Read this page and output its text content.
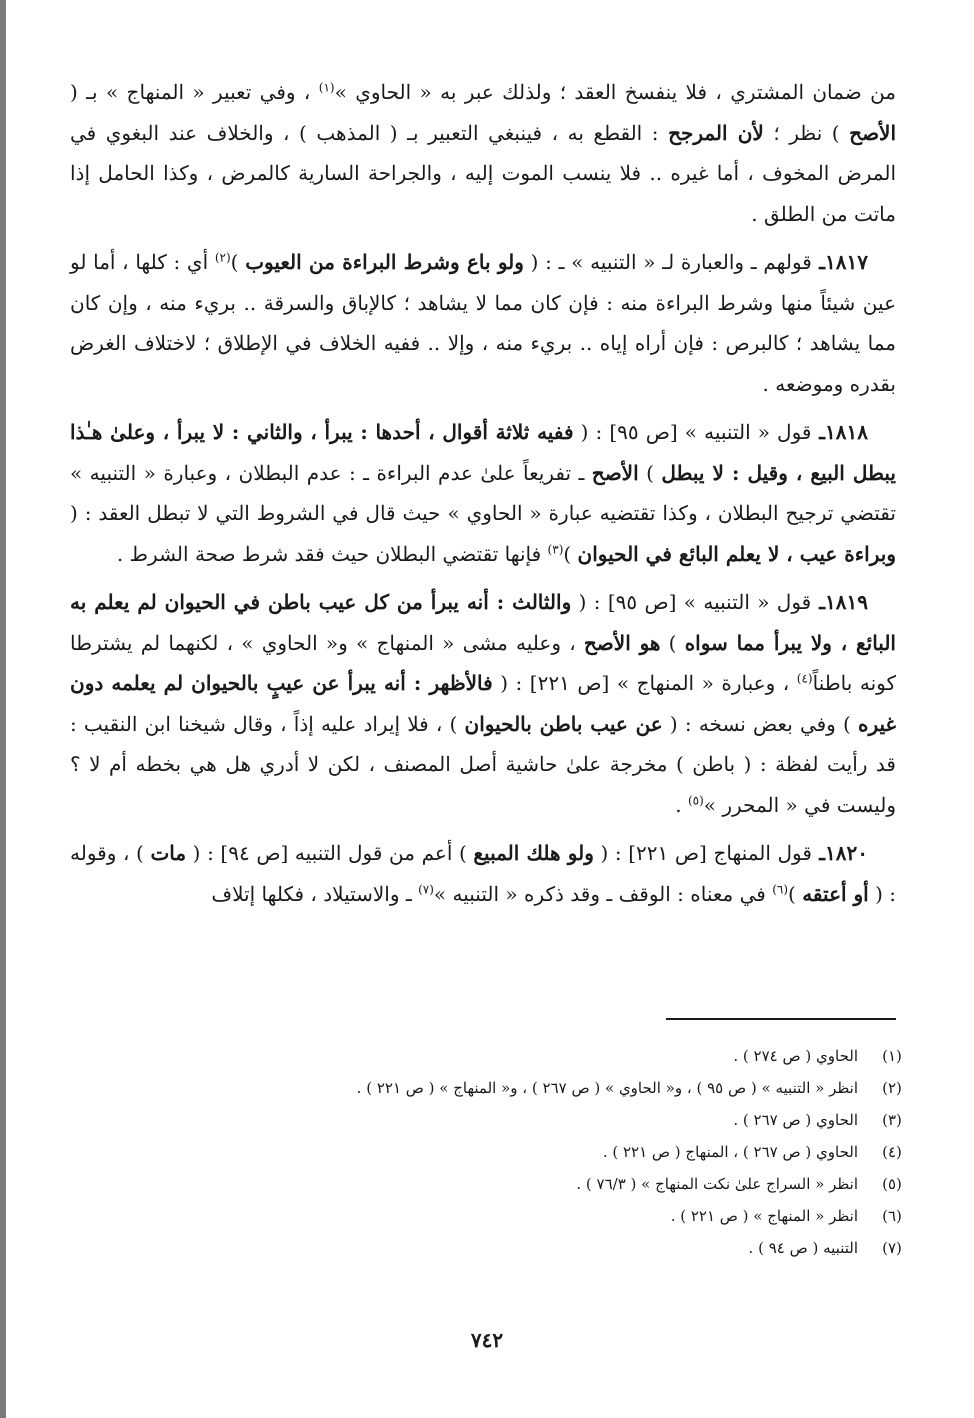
من ضمان المشتري ، فلا ينفسخ العقد ؛ ولذلك عبر به « الحاوي »$^{(١)}$ ، وفي تعبير « المنهاج » بـ ( الأصح ) نظر ؛ لأن المرجح : القطع به ، فينبغي التعبير بـ ( المذهب ) ، والخلاف عند البغوي في المرض المخوف ، أما غيره .. فلا ينسب الموت إليه ، والجراحة السارية كالمرض ، وكذا الحامل إذا ماتت من الطلق .

١٨١٧ـ قولهم ـ والعبارة لـ « التنبيه » ـ : ( ولو باع وشرط البراءة من العيوب )$^{(٢)}$ أي : كلها ، أما لو عين شيئاً منها وشرط البراءة منه : فإن كان مما لا يشاهد ؛ كالإباق والسرقة .. بريء منه ، وإن كان مما يشاهد ؛ كالبرص : فإن أراه إياه .. بريء منه ، وإلا .. ففيه الخلاف في الإطلاق ؛ لاختلاف الغرض بقدره وموضعه .

١٨١٨ـ قول « التنبيه » [ص ٩٥] : ( ففيه ثلاثة أقوال ، أحدها : يبرأ ، والثاني : لا يبرأ ، وعلىٰ هـٰذا يبطل البيع ، وقيل : لا يبطل ) الأصح ـ تفريعاً علىٰ عدم البراءة ـ : عدم البطلان ، وعبارة « التنبيه » تقتضي ترجيح البطلان ، وكذا تقتضيه عبارة « الحاوي » حيث قال في الشروط التي لا تبطل العقد : ( وبراءة عيب ، لا يعلم البائع في الحيوان )$^{(٣)}$ فإنها تقتضي البطلان حيث فقد شرط صحة الشرط .

١٨١٩ـ قول « التنبيه » [ص ٩٥] : ( والثالث : أنه يبرأ من كل عيب باطن في الحيوان لم يعلم به البائع ، ولا يبرأ مما سواه ) هو الأصح ، وعليه مشى « المنهاج » و« الحاوي » ، لكنهما لم يشترطا كونه باطناً$^{(٤)}$ ، وعبارة « المنهاج » [ص ٢٢١] : ( فالأظهر : أنه يبرأ عن عيبٍ بالحيوان لم يعلمه دون غيره ) وفي بعض نسخه : ( عن عيب باطن بالحيوان ) ، فلا إيراد عليه إذاً ، وقال شيخنا ابن النقيب : قد رأيت لفظة : ( باطن ) مخرجة علىٰ حاشية أصل المصنف ، لكن لا أدري هل هي بخطه أم لا ؟ وليست في « المحرر »$^{(٥)}$ .

١٨٢٠ـ قول المنهاج [ص ٢٢١] : ( ولو هلك المبيع ) أعم من قول التنبيه [ص ٩٤] : ( مات ) ، وقوله : ( أو أعتقه )$^{(٦)}$ في معناه : الوقف ـ وقد ذكره « التنبيه »$^{(٧)}$ ـ والاستيلاد ، فكلها إتلاف

(١)الحاوي ( ص ٢٧٤ ) .
(٢)انظر « التنبيه » ( ص ٩٥ ) ، و« الحاوي » ( ص ٢٦٧ ) ، و« المنهاج » ( ص ٢٢١ ) .
(٣)الحاوي ( ص ٢٦٧ ) .
(٤)الحاوي ( ص ٢٦٧ ) ، المنهاج ( ص ٢٢١ ) .
(٥)انظر « السراج علىٰ نكت المنهاج » ( ٧٦/٣ ) .
(٦)انظر « المنهاج » ( ص ٢٢١ ) .
(٧)التنبيه ( ص ٩٤ ) .
٧٤٢
